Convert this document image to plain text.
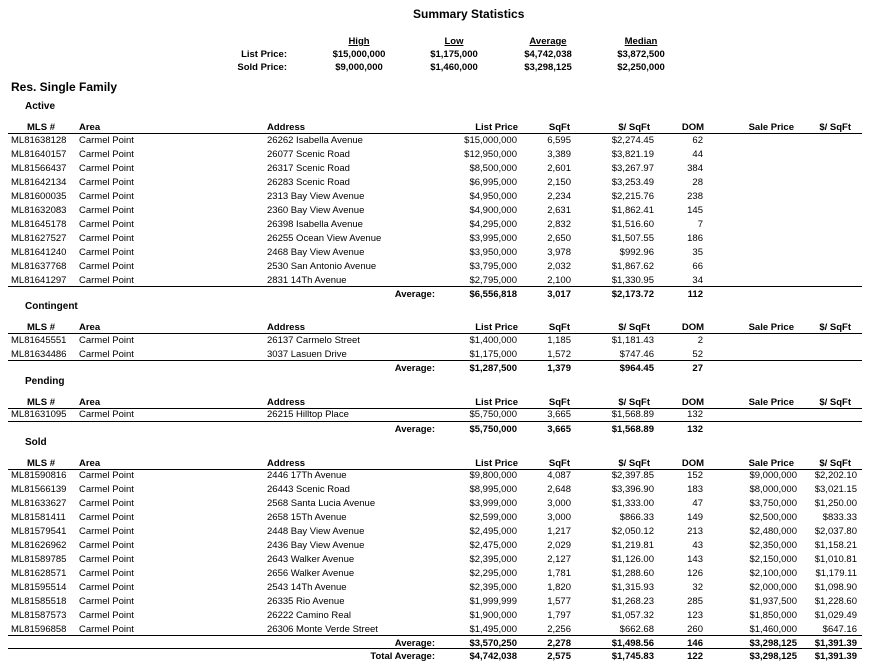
Summary Statistics
High	Low	Average	Median
List Price:	$15,000,000	$1,175,000	$4,742,038	$3,872,500
Sold Price:	$9,000,000	$1,460,000	$3,298,125	$2,250,000
Res. Single Family
Active
MLS #	Area	Address	List Price	SqFt	$/ SqFt	DOM	Sale Price	$/ SqFt
ML81638128	Carmel Point	26262 Isabella Avenue	$15,000,000	6,595	$2,274.45	62
ML81640157	Carmel Point	26077 Scenic Road	$12,950,000	3,389	$3,821.19	44
ML81566437	Carmel Point	26317 Scenic Road	$8,500,000	2,601	$3,267.97	384
ML81642134	Carmel Point	26283 Scenic Road	$6,995,000	2,150	$3,253.49	28
ML81600035	Carmel Point	2313 Bay View Avenue	$4,950,000	2,234	$2,215.76	238
ML81632083	Carmel Point	2360 Bay View Avenue	$4,900,000	2,631	$1,862.41	145
ML81645178	Carmel Point	26398 Isabella Avenue	$4,295,000	2,832	$1,516.60	7
ML81627527	Carmel Point	26255 Ocean View Avenue	$3,995,000	2,650	$1,507.55	186
ML81641240	Carmel Point	2468 Bay View Avenue	$3,950,000	3,978	$992.96	35
ML81637768	Carmel Point	2530 San Antonio Avenue	$3,795,000	2,032	$1,867.62	66
ML81641297	Carmel Point	2831 14Th Avenue	$2,795,000	2,100	$1,330.95	34
Average:	$6,556,818	3,017	$2,173.72	112
Contingent
MLS #	Area	Address	List Price	SqFt	$/ SqFt	DOM	Sale Price	$/ SqFt
ML81645551	Carmel Point	26137 Carmelo Street	$1,400,000	1,185	$1,181.43	2
ML81634486	Carmel Point	3037 Lasuen Drive	$1,175,000	1,572	$747.46	52
Average:	$1,287,500	1,379	$964.45	27
Pending
MLS #	Area	Address	List Price	SqFt	$/ SqFt	DOM	Sale Price	$/ SqFt
ML81631095	Carmel Point	26215 Hilltop Place	$5,750,000	3,665	$1,568.89	132
Average:	$5,750,000	3,665	$1,568.89	132
Sold
MLS #	Area	Address	List Price	SqFt	$/ SqFt	DOM	Sale Price	$/ SqFt
ML81590816	Carmel Point	2446 17Th Avenue	$9,800,000	4,087	$2,397.85	152	$9,000,000	$2,202.10
ML81566139	Carmel Point	26443 Scenic Road	$8,995,000	2,648	$3,396.90	183	$8,000,000	$3,021.15
ML81633627	Carmel Point	2568 Santa Lucia Avenue	$3,999,000	3,000	$1,333.00	47	$3,750,000	$1,250.00
ML81581411	Carmel Point	2658 15Th Avenue	$2,599,000	3,000	$866.33	149	$2,500,000	$833.33
ML81579541	Carmel Point	2448 Bay View Avenue	$2,495,000	1,217	$2,050.12	213	$2,480,000	$2,037.80
ML81626962	Carmel Point	2436 Bay View Avenue	$2,475,000	2,029	$1,219.81	43	$2,350,000	$1,158.21
ML81589785	Carmel Point	2643 Walker Avenue	$2,395,000	2,127	$1,126.00	143	$2,150,000	$1,010.81
ML81628571	Carmel Point	2656 Walker Avenue	$2,295,000	1,781	$1,288.60	126	$2,100,000	$1,179.11
ML81595514	Carmel Point	2543 14Th Avenue	$2,395,000	1,820	$1,315.93	32	$2,000,000	$1,098.90
ML81585518	Carmel Point	26335 Rio Avenue	$1,999,999	1,577	$1,268.23	285	$1,937,500	$1,228.60
ML81587573	Carmel Point	26222 Camino Real	$1,900,000	1,797	$1,057.32	123	$1,850,000	$1,029.49
ML81596858	Carmel Point	26306 Monte Verde Street	$1,495,000	2,256	$662.68	260	$1,460,000	$647.16
Average:	$3,570,250	2,278	$1,498.56	146	$3,298,125	$1,391.39
Total Average:	$4,742,038	2,575	$1,745.83	122	$3,298,125	$1,391.39
